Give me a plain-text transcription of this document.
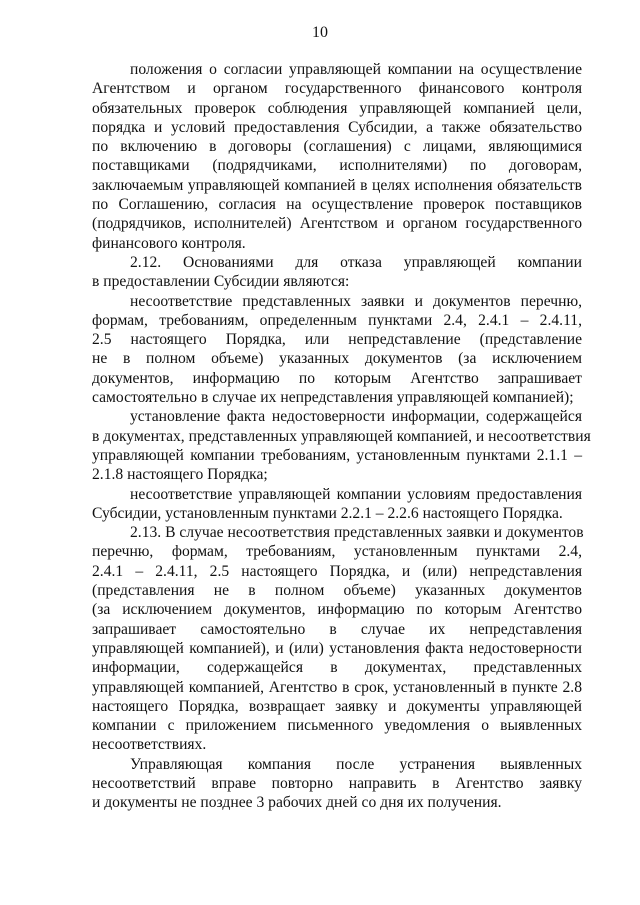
10
положения о согласии управляющей компании на осуществление
Агентством и органом государственного финансового контроля
обязательных проверок соблюдения управляющей компанией цели,
порядка и условий предоставления Субсидии, а также обязательство
по включению в договоры (соглашения) с лицами, являющимися
поставщиками (подрядчиками, исполнителями) по договорам,
заключаемым управляющей компанией в целях исполнения обязательств
по Соглашению, согласия на осуществление проверок поставщиков
(подрядчиков, исполнителей) Агентством и органом государственного
финансового контроля.
2.12. Основаниями для отказа управляющей компании
в предоставлении Субсидии являются:
несоответствие представленных заявки и документов перечню,
формам, требованиям, определенным пунктами 2.4, 2.4.1 – 2.4.11,
2.5 настоящего Порядка, или непредставление (представление
не в полном объеме) указанных документов (за исключением
документов, информацию по которым Агентство запрашивает
самостоятельно в случае их непредставления управляющей компанией);
установление факта недостоверности информации, содержащейся
в документах, представленных управляющей компанией, и несоответствия
управляющей компании требованиям, установленным пунктами 2.1.1 –
2.1.8 настоящего Порядка;
несоответствие управляющей компании условиям предоставления
Субсидии, установленным пунктами 2.2.1 – 2.2.6 настоящего Порядка.
2.13. В случае несоответствия представленных заявки и документов
перечню, формам, требованиям, установленным пунктами 2.4,
2.4.1 – 2.4.11, 2.5 настоящего Порядка, и (или) непредставления
(представления не в полном объеме) указанных документов
(за исключением документов, информацию по которым Агентство
запрашивает самостоятельно в случае их непредставления
управляющей компанией), и (или) установления факта недостоверности
информации, содержащейся в документах, представленных
управляющей компанией, Агентство в срок, установленный в пункте 2.8
настоящего Порядка, возвращает заявку и документы управляющей
компании с приложением письменного уведомления о выявленных
несоответствиях.
Управляющая компания после устранения выявленных
несоответствий вправе повторно направить в Агентство заявку
и документы не позднее 3 рабочих дней со дня их получения.
